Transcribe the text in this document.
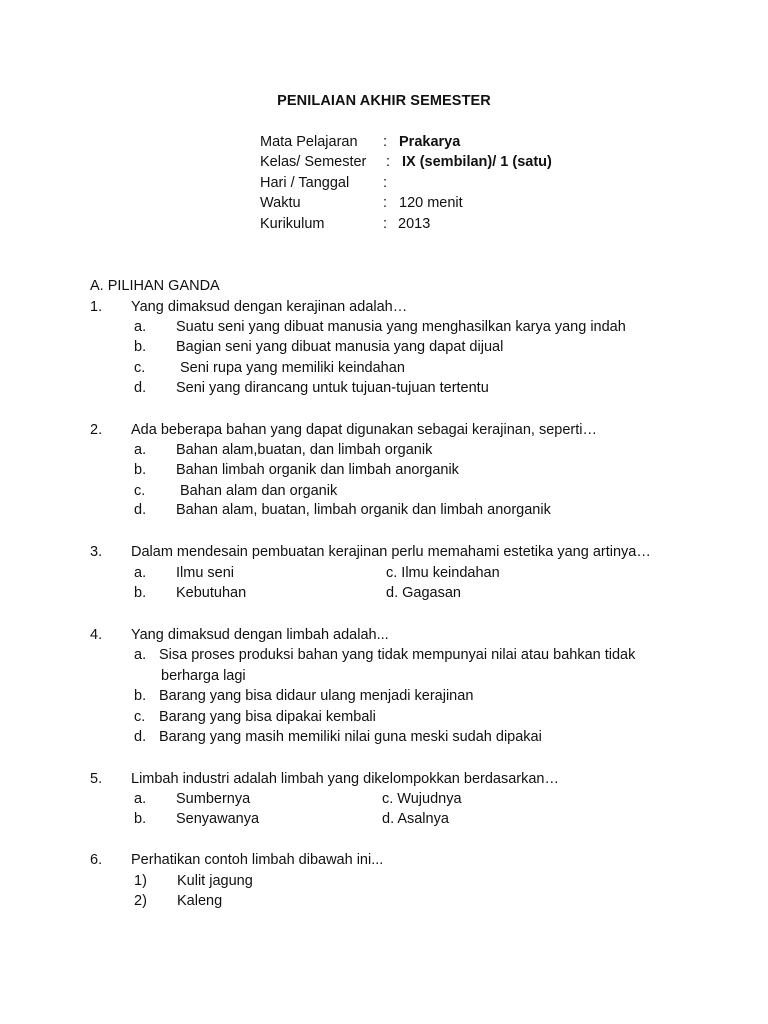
PENILAIAN AKHIR SEMESTER
Mata Pelajaran : Prakarya
Kelas/ Semester : IX (sembilan)/ 1 (satu)
Hari / Tanggal :
Waktu	: 120 menit
Kurikulum	: 2013
A. PILIHAN GANDA
1. Yang dimaksud dengan kerajinan adalah…
a. Suatu seni yang dibuat manusia yang menghasilkan karya yang indah
b. Bagian seni yang dibuat manusia yang dapat dijual
c. Seni rupa yang memiliki keindahan
d. Seni yang dirancang untuk tujuan-tujuan tertentu
2. Ada beberapa bahan yang dapat digunakan sebagai kerajinan, seperti…
a. Bahan alam,buatan, dan limbah organik
b. Bahan limbah organik dan limbah anorganik
c. Bahan alam dan organik
d. Bahan alam, buatan, limbah organik dan limbah anorganik
3. Dalam mendesain pembuatan kerajinan perlu memahami estetika yang artinya…
a. Ilmu seni	c. Ilmu keindahan
b. Kebutuhan	d. Gagasan
4. Yang dimaksud dengan limbah adalah...
a. Sisa proses produksi bahan yang tidak mempunyai nilai atau bahkan tidak
berharga lagi
b. Barang yang bisa didaur ulang menjadi kerajinan
c. Barang yang bisa dipakai kembali
d. Barang yang masih memiliki nilai guna meski sudah dipakai
5. Limbah industri adalah limbah yang dikelompokkan berdasarkan…
a. Sumbernya	c. Wujudnya
b. Senyawanya	d. Asalnya
6. Perhatikan contoh limbah dibawah ini...
1) Kulit jagung
2) Kaleng
